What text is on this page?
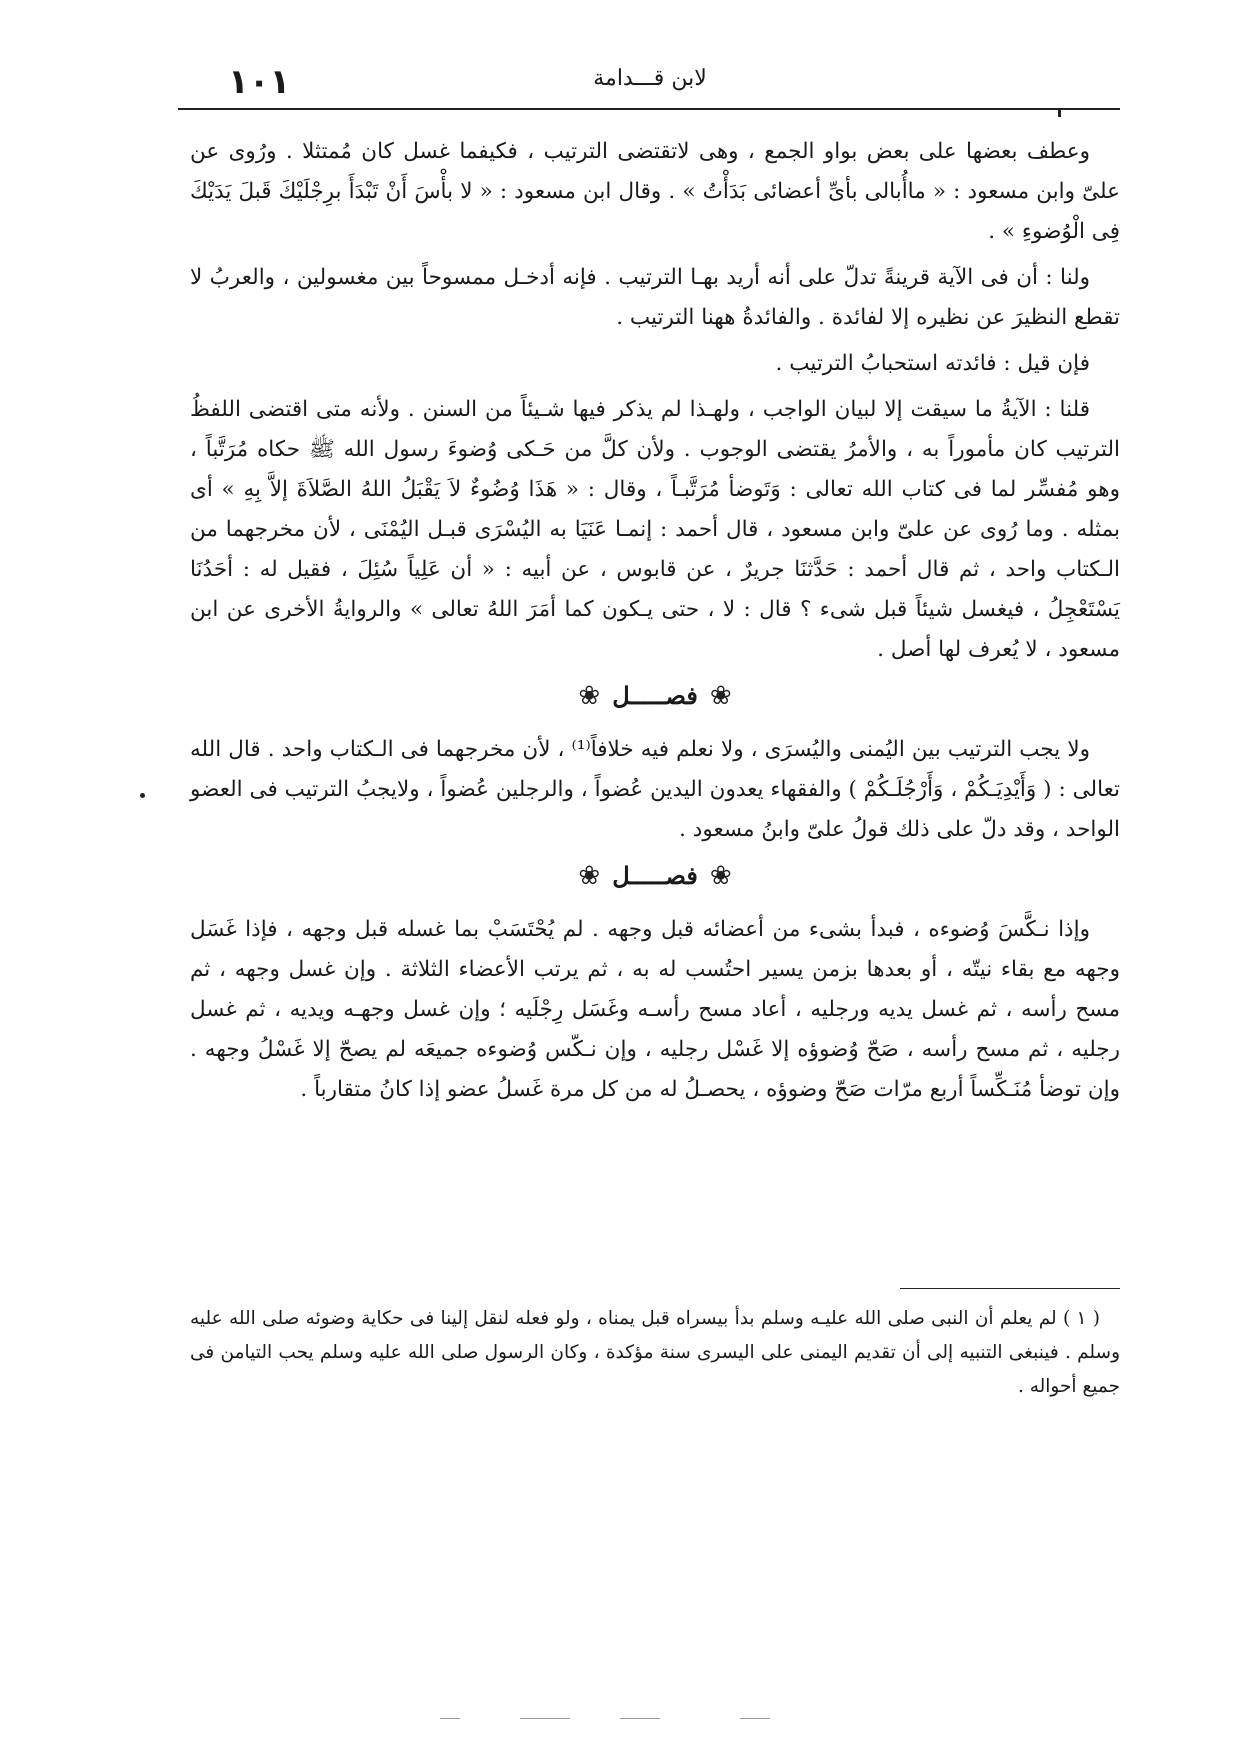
١٠١	لابن قـــدامة

وعطف بعضها على بعض بواو الجمع ، وهى لاتقتضى الترتيب ، فكيفما غسل كان مُمتثلا . ورُوى عن علىّ وابن مسعود : « ماأُبالى بأىِّ أعضائى بَدَأْتُ » . وقال ابن مسعود : « لا بأْسَ أَنْ تَبْدَأَ برِجْلَيْكَ قَبلَ يَدَيْكَ فِى الْوُضوءِ » .

ولنا : أن فى الآية قرينةً تدلّ على أنه أريد بهـا الترتيب . فإنه أدخـل ممسوحاً بين مغسولين ، والعربُ لا تقطع النظيرَ عن نظيره إلا لفائدة . والفائدةُ ههنا الترتيب .

فإن قيل : فائدته استحبابُ الترتيب .

قلنا : الآيةُ ما سيقت إلا لبيان الواجب ، ولهـذا لم يذكر فيها شـيئاً من السنن . ولأنه متى اقتضى اللفظُ الترتيب كان مأموراً به ، والأمرُ يقتضى الوجوب . ولأن كلَّ من حَـكى وُضوءَ رسول الله ﷺ حكاه مُرَتَّباً ، وهو مُفسِّر لما فى كتاب الله تعالى : وَتَوضأ مُرَتَّبـاً ، وقال : « هَذَا وُضُوءٌ لاَ يَقْبَلُ اللهُ الصَّلاَةَ إلاَّ بِهِ » أى بمثله . وما رُوى عن علىّ وابن مسعود ، قال أحمد : إنمـا عَنَيَا به اليُسْرَى قبـل اليُمْنَى ، لأن مخرجهما من الـكتاب واحد ، ثم قال أحمد : حَدَّثنَا جريرٌ ، عن قابوس ، عن أبيه : « أن عَلِياً سُئِلَ ، فقيل له : أحَدُنَا يَسْتَعْجِلُ ، فيغسل شيئاً قبل شىء ؟ قال : لا ، حتى يـكون كما أمَرَ اللهُ تعالى » والروايةُ الأخرى عن ابن مسعود ، لا يُعرف لها أصل .

❀فصـــــل❀

ولا يجب الترتيب بين اليُمنى واليُسرَى ، ولا نعلم فيه خلافاً⁽¹⁾ ، لأن مخرجهما فى الـكتاب واحد . قال الله تعالى : ( وَأَيْدِيَـكُمْ ، وَأَرْجُلَـكُمْ ) والفقهاء يعدون اليدين عُضواً ، والرجلين عُضواً ، ولايجبُ الترتيب فى العضو الواحد ، وقد دلّ على ذلك قولُ علىّ وابنُ مسعود .

❀فصـــــل❀

وإذا نـكَّسَ وُضوءه ، فبدأ بشىء من أعضائه قبل وجهه . لم يُحْتَسَبْ بما غسله قبل وجهه ، فإذا غَسَل وجهه مع بقاء نيتّه ، أو بعدها بزمن يسير احتُسب له به ، ثم يرتب الأعضاء الثلاثة . وإن غسل وجهه ، ثم مسح رأسه ، ثم غسل يديه ورجليه ، أعاد مسح رأسـه وغَسَل رِجْلَيه ؛ وإن غسل وجهـه ويديه ، ثم غسل رجليه ، ثم مسح رأسه ، صَحّ وُضوؤه إلا غَسْل رجليه ، وإن نـكّس وُضوءه جميعَه لم يصحّ إلا غَسْلُ وجهه . وإن توضأ مُنَـكِّساً أربع مرّات صَحّ وضوؤه ، يحصـلُ له من كل مرة غَسلُ عضو إذا كانُ متقارباً .

( ١ ) لم يعلم أن النبى صلى الله عليـه وسلم بدأ بيسراه قبل يمناه ، ولو فعله لنقل إلينا فى حكاية وضوئه صلى الله عليه وسلم . فينبغى التنبيه إلى أن تقديم اليمنى على اليسرى سنة مؤكدة ، وكان الرسول صلى الله عليه وسلم يحب التيامن فى جميع أحواله .
